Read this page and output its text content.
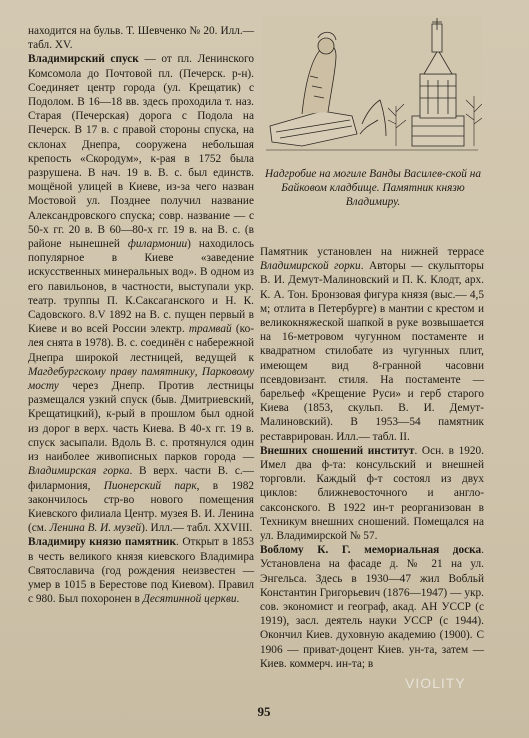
находится на бульв. Т. Шевченко № 20. Илл.— табл. XV.

Владимирский спуск — от пл. Ленинского Комсомола до Почтовой пл. (Печерск. р-н). Соединяет центр города (ул. Крещатик) с Подолом. В 16—18 вв. здесь проходила т. наз. Старая (Печерская) дорога с Подола на Печерск. В 17 в. с правой стороны спуска, на склонах Днепра, сооружена небольшая крепость «Скородум», к-рая в 1752 была разрушена. В нач. 19 в. В. с. был единств. мощёной улицей в Киеве, из-за чего назван Мостовой ул. Позднее получил название Александровского спуска; совр. название — с 50-х гг. 20 в. В 60—80-х гг. 19 в. на В. с. (в районе нынешней филармонии) находилось популярное в Киеве «заведение искусственных минеральных вод». В одном из его павильонов, в частности, выступали укр. театр. труппы П. К.Саксаганского и Н. К. Садовского. 8.V 1892 на В. с. пущен первый в Киеве и во всей России электр. трамвай (ко-лея снята в 1978). В. с. соединён с набережной Днепра широкой лестницей, ведущей к Магдебургскому праву памятнику, Парковому мосту через Днепр. Против лестницы размещался узкий спуск (быв. Дмитриевский, Крещатицкий), к-рый в прошлом был одной из дорог в верх. часть Киева. В 40-х гг. 19 в. спуск засыпали. Вдоль В. с. протянулся один из наиболее живописных парков города — Владимирская горка. В верх. части В. с.— филармония, Пионерский парк, в 1982 закончилось стр-во нового помещения Киевского филиала Центр. музея В. И. Ленина (см. Ленина В. И. музей). Илл.— табл. XXVIII.

Владимиру князю памятник. Открыт в 1853 в честь великого князя киевского Владимира Святославича (год рождения неизвестен — умер в 1015 в Берестове под Киевом). Правил с 980. Был похоронен в Десятинной церкви.

Надгробие на могиле Ванды Василев-ской на Байковом кладбище. Памятник князю Владимиру.

Памятник установлен на нижней террасе Владимирской горки. Авторы — скульпторы В. И. Демут-Малиновский и П. К. Клодт, арх. К. А. Тон. Бронзовая фигура князя (выс.— 4,5 м; отлита в Петербурге) в мантии с крестом и великокняжеской шапкой в руке возвышается на 16-метровом чугунном постаменте и квадратном стилобате из чугунных плит, имеющем вид 8-гранной часовни псевдовизант. стиля. На постаменте — барельеф «Крещение Руси» и герб старого Киева (1853, скульп. В. И. Демут-Малиновский). В 1953—54 памятник реставрирован. Илл.— табл. II.

Внешних сношений институт. Осн. в 1920. Имел два ф-та: консульский и внешней торговли. Каждый ф-т состоял из двух циклов: ближневосточного и англо-саксонского. В 1922 ин-т реорганизован в Техникум внешних сношений. Помещался на ул. Владимирской № 57.

Воблому К. Г. мемориальная доска. Установлена на фасаде д. № 21 на ул. Энгельса. Здесь в 1930—47 жил Вобльй Константин Григорьевич (1876—1947) — укр. сов. экономист и географ, акад. АН УССР (с 1919), засл. деятель науки УССР (с 1944). Окончил Киев. духовную академию (1900). С 1906 — приват-доцент Киев. ун-та, затем — Киев. коммерч. ин-та; в

95
VIOLITY
